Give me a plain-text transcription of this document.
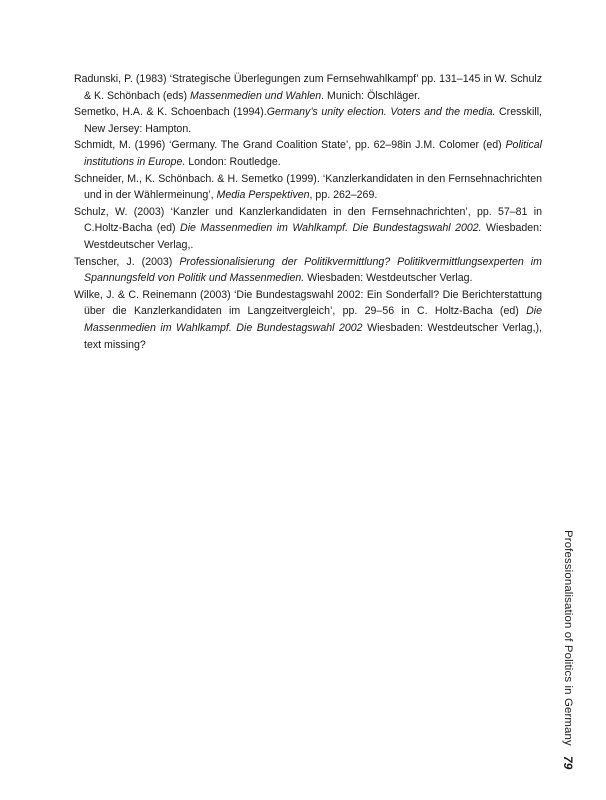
Radunski, P. (1983) ‘Strategische Überlegungen zum Fernsehwahlkampf’ pp. 131–145 in W. Schulz & K. Schönbach (eds) Massenmedien und Wahlen. Munich: Ölschläger.
Semetko, H.A. & K. Schoenbach (1994).Germany’s unity election. Voters and the media. Cresskill, New Jersey: Hampton.
Schmidt, M. (1996) ‘Germany. The Grand Coalition State’, pp. 62–98in J.M. Colomer (ed) Political institutions in Europe. London: Routledge.
Schneider, M., K. Schönbach. & H. Semetko (1999). ‘Kanzlerkandidaten in den Fernsehnachrichten und in der Wählermeinung’, Media Perspektiven, pp. 262–269.
Schulz, W. (2003) ‘Kanzler und Kanzlerkandidaten in den Fernsehnachrichten’, pp. 57–81 in C.Holtz-Bacha (ed) Die Massenmedien im Wahlkampf. Die Bundestagswahl 2002. Wiesbaden: Westdeutscher Verlag,.
Tenscher, J. (2003) Professionalisierung der Politikvermittlung? Politikvermittlungsexperten im Spannungsfeld von Politik und Massenmedien. Wiesbaden: Westdeutscher Verlag.
Wilke, J. & C. Reinemann (2003) ‘Die Bundestagswahl 2002: Ein Sonderfall? Die Berichterstattung über die Kanzlerkandidaten im Langzeitvergleich’, pp. 29–56 in C. Holtz-Bacha (ed) Die Massenmedien im Wahlkampf. Die Bundestagswahl 2002 Wiesbaden: Westdeutscher Verlag,), text missing?
Professionalisation of Politics in Germany
79
